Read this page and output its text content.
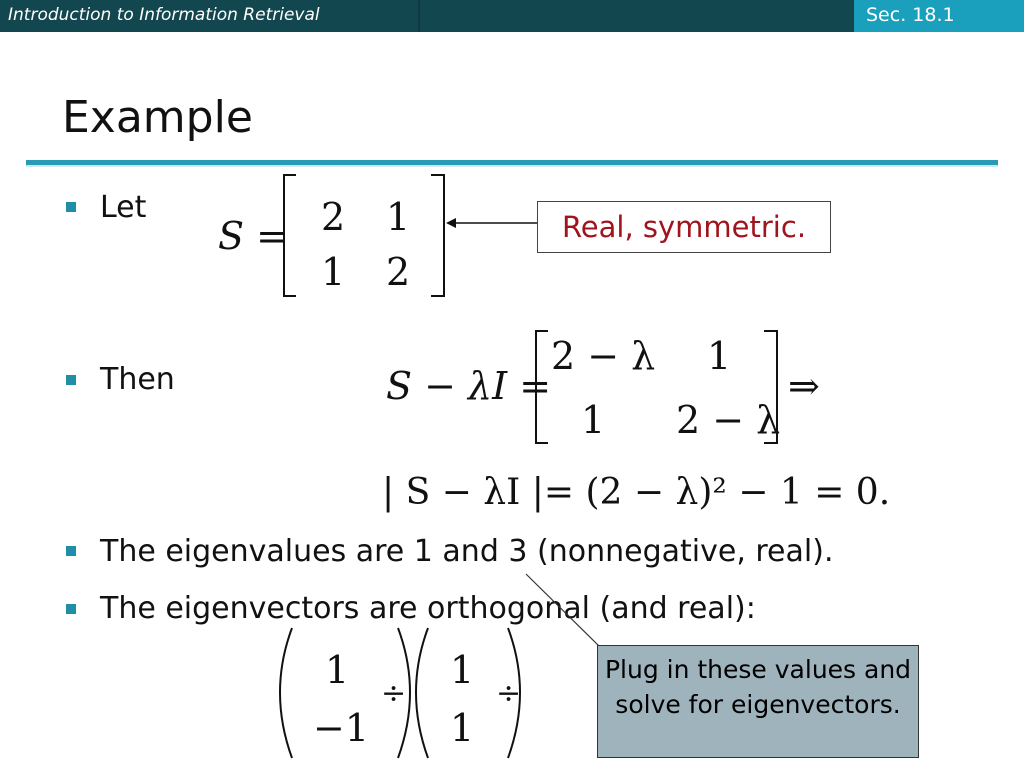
Introduction to Information Retrieval	Sec. 18.1
Example
Let
Then
The eigenvalues are 1 and 3 (nonnegative, real).
The eigenvectors are orthogonal (and real):
S = 2 1
1 2
S − λI =
2 − λ 1
1 2 − λ
⇒
| S − λI |= (2 − λ)² − 1 = 0.
1
−1
1
1
÷	÷
Real, symmetric.
Plug in these values and solve for eigenvectors.
